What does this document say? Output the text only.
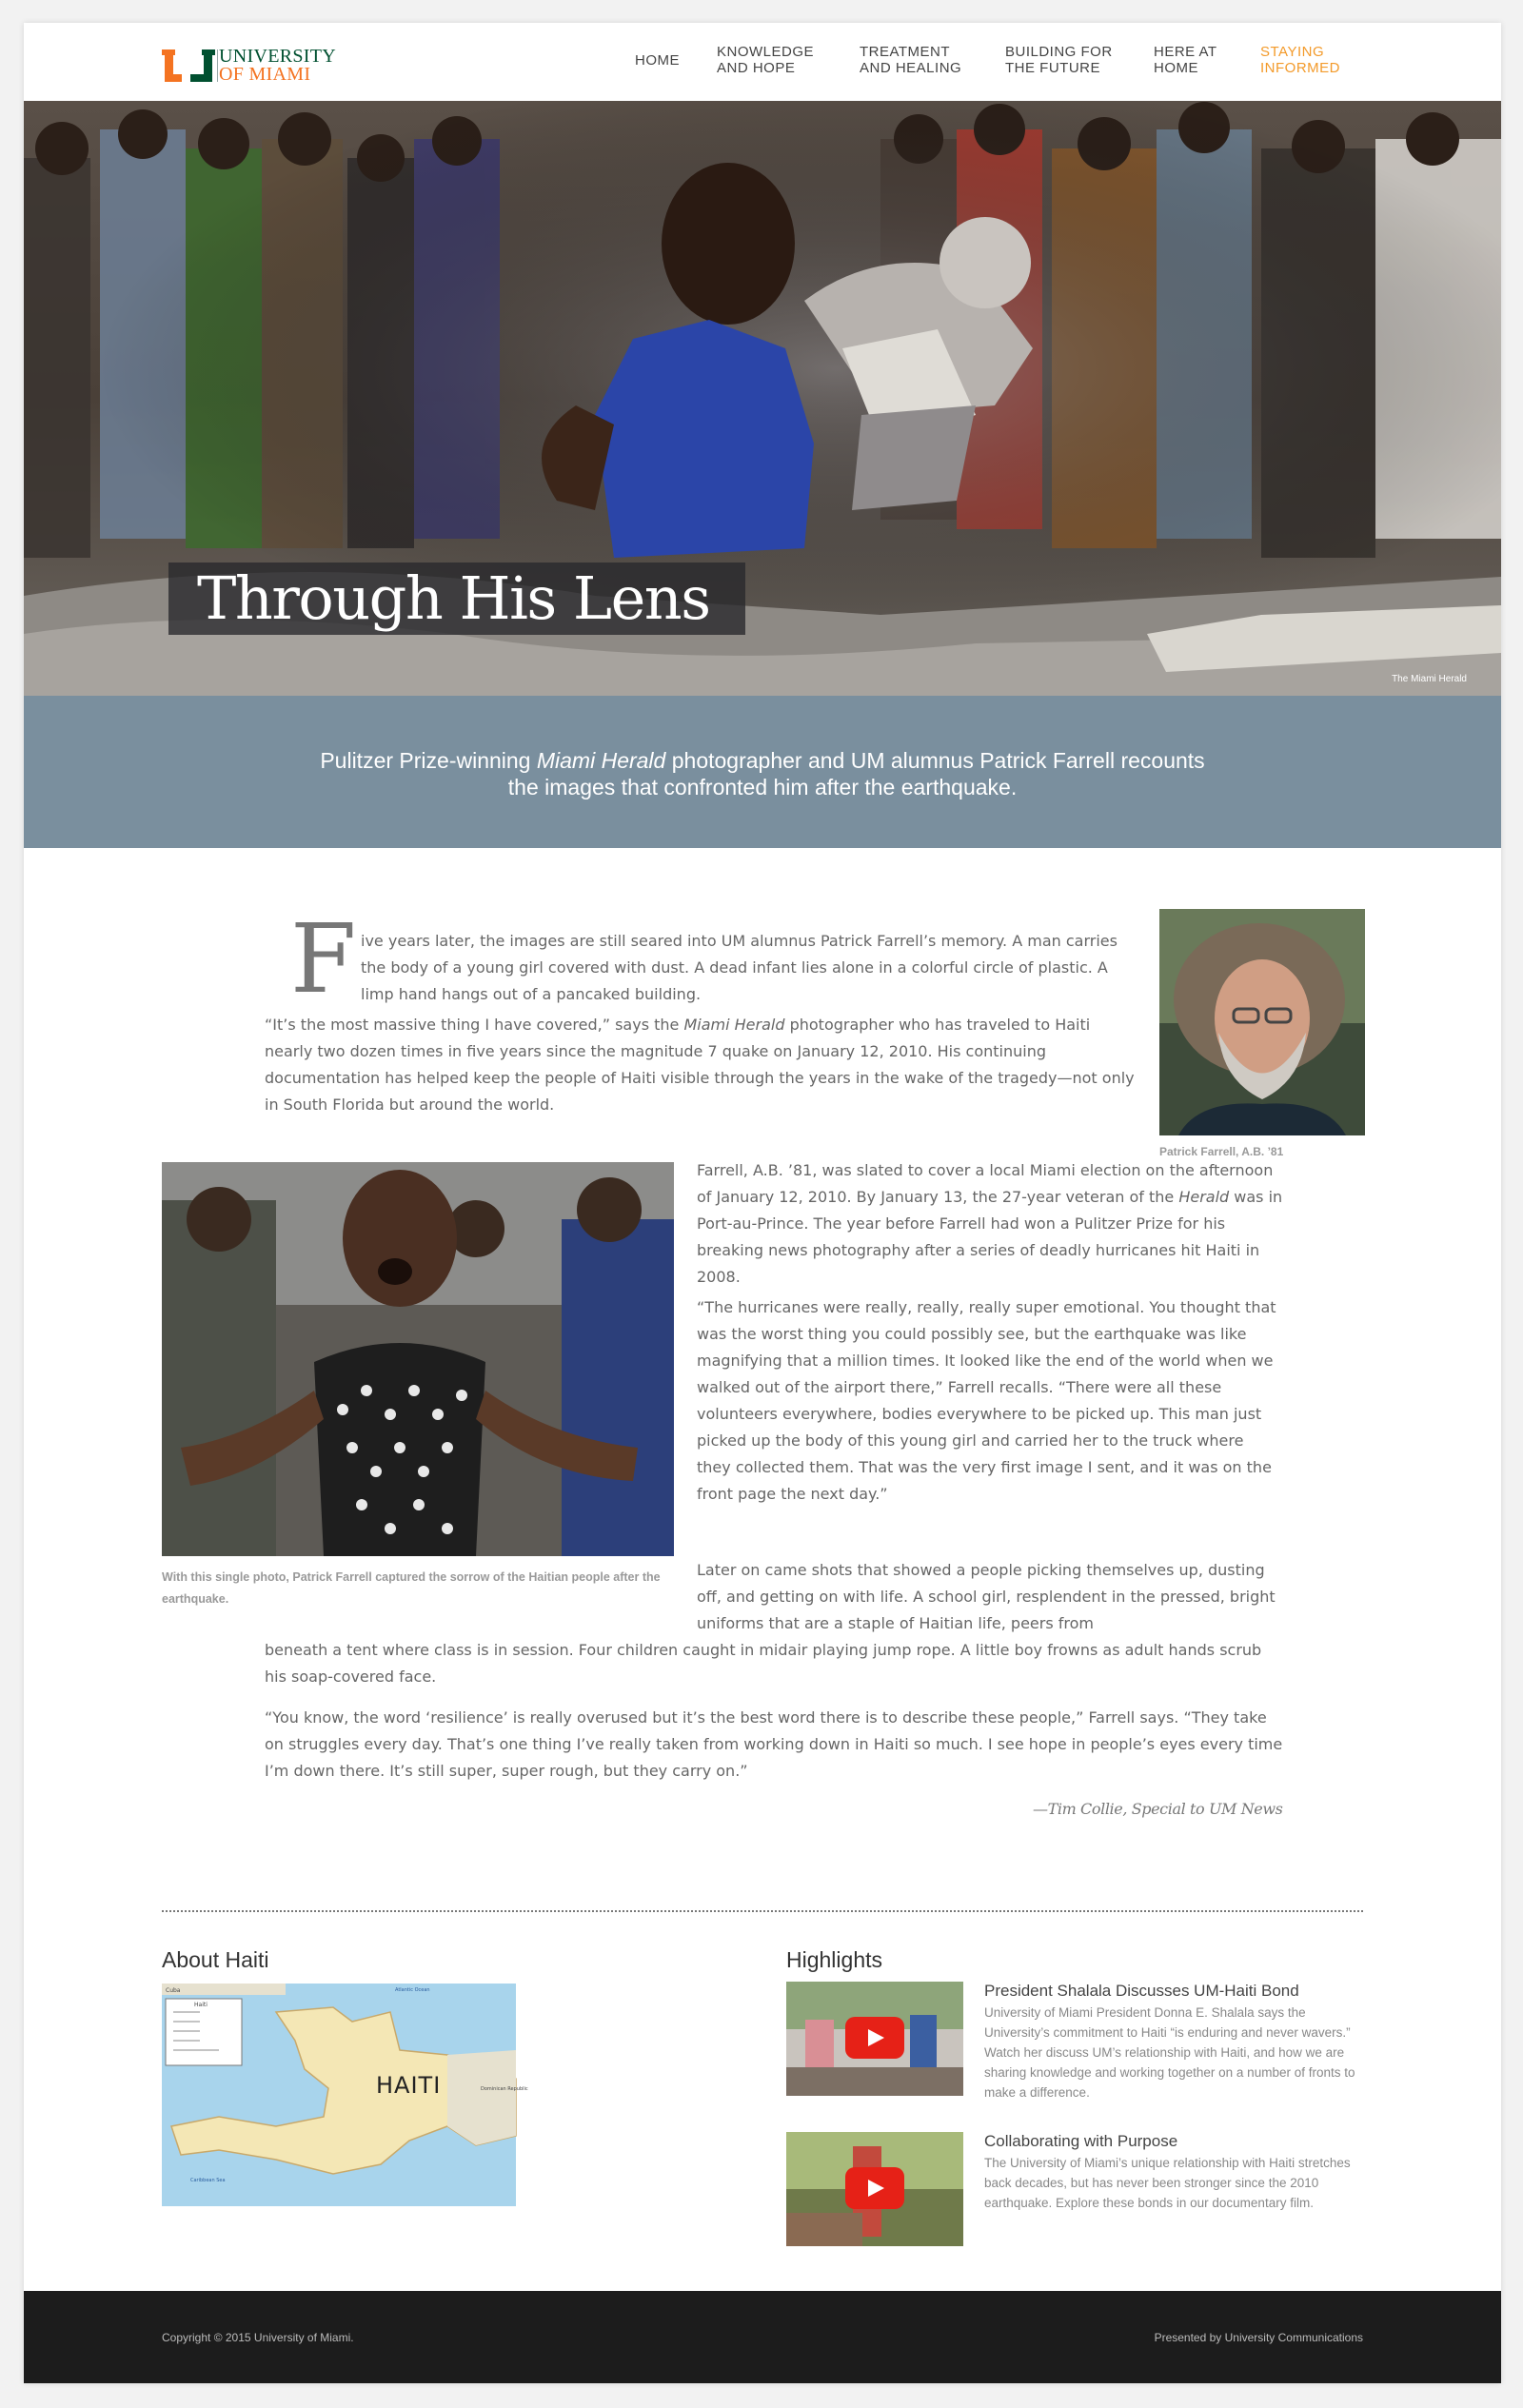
UNIVERSITY
OF MIAMI
HOME
KNOWLEDGE AND HOPE
TREATMENT AND HEALING
BUILDING FOR THE FUTURE
HERE AT HOME
STAYING INFORMED
Through His Lens
The Miami Herald
Pulitzer Prize-winning Miami Herald photographer and UM alumnus Patrick Farrell recounts the images that confronted him after the earthquake.
F ive years later, the images are still seared into UM alumnus Patrick Farrell’s memory. A man carries the body of a young girl covered with dust. A dead infant lies alone in a colorful circle of plastic. A limp hand hangs out of a pancaked building.

“It’s the most massive thing I have covered,” says the Miami Herald photographer who has traveled to Haiti nearly two dozen times in five years since the magnitude 7 quake on January 12, 2010. His continuing documentation has helped keep the people of Haiti visible through the years in the wake of the tragedy—not only in South Florida but around the world.

Patrick Farrell, A.B. ’81
With this single photo, Patrick Farrell captured the sorrow of the Haitian people after the earthquake.

Farrell, A.B. ’81, was slated to cover a local Miami election on the afternoon of January 12, 2010. By January 13, the 27-year veteran of the Herald was in Port-au-Prince. The year before Farrell had won a Pulitzer Prize for his breaking news photography after a series of deadly hurricanes hit Haiti in 2008.

“The hurricanes were really, really, really super emotional. You thought that was the worst thing you could possibly see, but the earthquake was like magnifying that a million times. It looked like the end of the world when we walked out of the airport there,” Farrell recalls. “There were all these volunteers everywhere, bodies everywhere to be picked up. This man just picked up the body of this young girl and carried her to the truck where they collected them. That was the very first image I sent, and it was on the front page the next day.”

Later on came shots that showed a people picking themselves up, dusting off, and getting on with life. A school girl, resplendent in the pressed, bright uniforms that are a staple of Haitian life, peers from

beneath a tent where class is in session. Four children caught in midair playing jump rope. A little boy frowns as adult hands scrub his soap-covered face.

“You know, the word ‘resilience’ is really overused but it’s the best word there is to describe these people,” Farrell says. “They take on struggles every day. That’s one thing I’ve really taken from working down in Haiti so much. I see hope in people’s eyes every time I’m down there. It’s still super, super rough, but they carry on.”

—Tim Collie, Special to UM News
About Haiti
Cuba
Haiti
Dominican Republic
Atlantic Ocean
Caribbean Sea
HAITI
Highlights
President Shalala Discusses UM-Haiti Bond
University of Miami President Donna E. Shalala says the University’s commitment to Haiti “is enduring and never wavers.” Watch her discuss UM’s relationship with Haiti, and how we are sharing knowledge and working together on a number of fronts to make a difference.
Collaborating with Purpose
The University of Miami’s unique relationship with Haiti stretches back decades, but has never been stronger since the 2010 earthquake. Explore these bonds in our documentary film.
Copyright © 2015 University of Miami.	Presented by University Communications
